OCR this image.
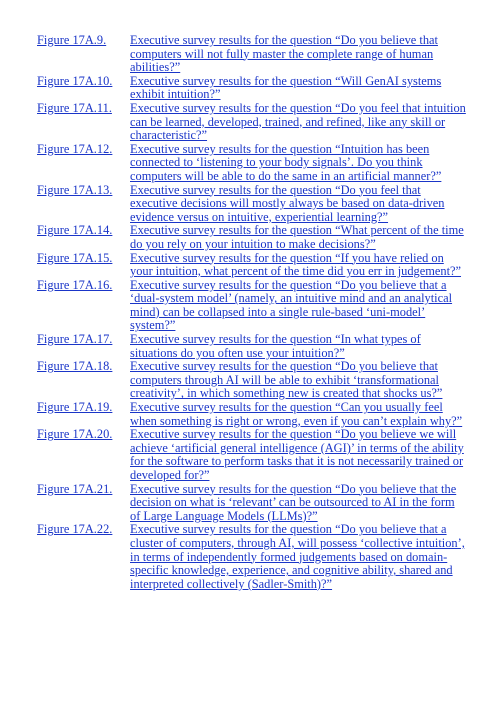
Figure 17A.9.	Executive survey results for the question “Do you believe that computers will not fully master the complete range of human abilities?”
Figure 17A.10.	Executive survey results for the question “Will GenAI systems exhibit intuition?”
Figure 17A.11.	Executive survey results for the question “Do you feel that intuition can be learned, developed, trained, and refined, like any skill or characteristic?”
Figure 17A.12.	Executive survey results for the question “Intuition has been connected to ‘listening to your body signals’. Do you think computers will be able to do the same in an artificial manner?”
Figure 17A.13.	Executive survey results for the question “Do you feel that executive decisions will mostly always be based on data-driven evidence versus on intuitive, experiential learning?”
Figure 17A.14.	Executive survey results for the question “What percent of the time do you rely on your intuition to make decisions?”
Figure 17A.15.	Executive survey results for the question “If you have relied on your intuition, what percent of the time did you err in judgement?”
Figure 17A.16.	Executive survey results for the question “Do you believe that a ‘dual-system model’ (namely, an intuitive mind and an analytical mind) can be collapsed into a single rule-based ‘uni-model’ system?”
Figure 17A.17.	Executive survey results for the question “In what types of situations do you often use your intuition?”
Figure 17A.18.	Executive survey results for the question “Do you believe that computers through AI will be able to exhibit ‘transformational creativity’, in which something new is created that shocks us?”
Figure 17A.19.	Executive survey results for the question “Can you usually feel when something is right or wrong, even if you can’t explain why?”
Figure 17A.20.	Executive survey results for the question “Do you believe we will achieve ‘artificial general intelligence (AGI)’ in terms of the ability for the software to perform tasks that it is not necessarily trained or developed for?”
Figure 17A.21.	Executive survey results for the question “Do you believe that the decision on what is ‘relevant’ can be outsourced to AI in the form of Large Language Models (LLMs)?”
Figure 17A.22.	Executive survey results for the question “Do you believe that a cluster of computers, through AI, will possess ‘collective intuition’, in terms of independently formed judgements based on domain-specific knowledge, experience, and cognitive ability, shared and interpreted collectively (Sadler-Smith)?”
